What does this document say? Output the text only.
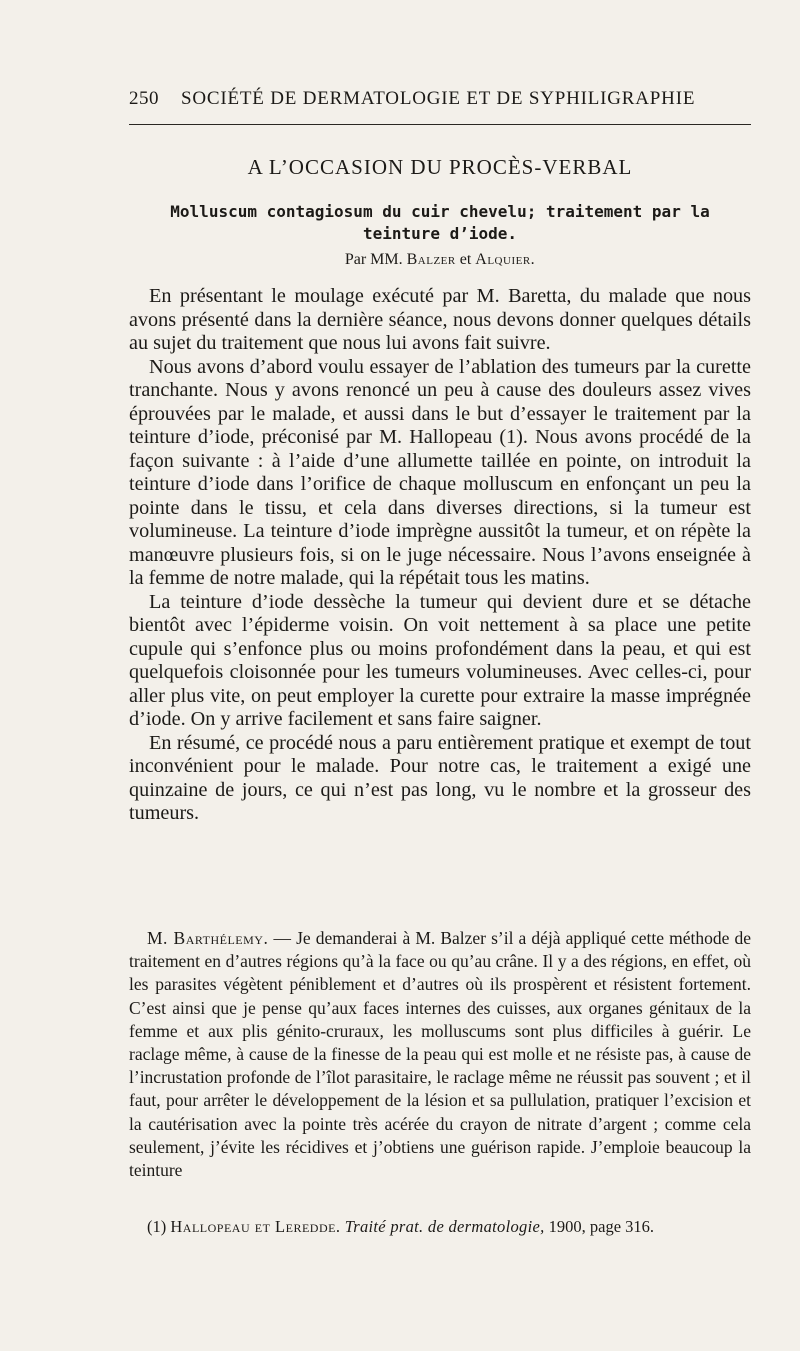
250 SOCIÉTÉ DE DERMATOLOGIE ET DE SYPHILIGRAPHIE
A L’OCCASION DU PROCÈS-VERBAL
Molluscum contagiosum du cuir chevelu; traitement par la teinture d’iode.
Par MM. Balzer et Alquier.

En présentant le moulage exécuté par M. Baretta, du malade que nous avons présenté dans la dernière séance, nous devons donner quelques détails au sujet du traitement que nous lui avons fait suivre.

Nous avons d’abord voulu essayer de l’ablation des tumeurs par la curette tranchante. Nous y avons renoncé un peu à cause des douleurs assez vives éprouvées par le malade, et aussi dans le but d’essayer le traitement par la teinture d’iode, préconisé par M. Hallopeau (1). Nous avons procédé de la façon suivante : à l’aide d’une allumette taillée en pointe, on introduit la teinture d’iode dans l’orifice de chaque molluscum en enfonçant un peu la pointe dans le tissu, et cela dans diverses directions, si la tumeur est volumineuse. La teinture d’iode imprègne aussitôt la tumeur, et on répète la manœuvre plusieurs fois, si on le juge nécessaire. Nous l’avons enseignée à la femme de notre malade, qui la répétait tous les matins.

La teinture d’iode dessèche la tumeur qui devient dure et se détache bientôt avec l’épiderme voisin. On voit nettement à sa place une petite cupule qui s’enfonce plus ou moins profondément dans la peau, et qui est quelquefois cloisonnée pour les tumeurs volumineuses. Avec celles-ci, pour aller plus vite, on peut employer la curette pour extraire la masse imprégnée d’iode. On y arrive facilement et sans faire saigner.

En résumé, ce procédé nous a paru entièrement pratique et exempt de tout inconvénient pour le malade. Pour notre cas, le traitement a exigé une quinzaine de jours, ce qui n’est pas long, vu le nombre et la grosseur des tumeurs.

M. Barthélemy. — Je demanderai à M. Balzer s’il a déjà appliqué cette méthode de traitement en d’autres régions qu’à la face ou qu’au crâne. Il y a des régions, en effet, où les parasites végètent péniblement et d’autres où ils prospèrent et résistent fortement. C’est ainsi que je pense qu’aux faces internes des cuisses, aux organes génitaux de la femme et aux plis génito-cruraux, les molluscums sont plus difficiles à guérir. Le raclage même, à cause de la finesse de la peau qui est molle et ne résiste pas, à cause de l’incrustation profonde de l’îlot parasitaire, le raclage même ne réussit pas souvent ; et il faut, pour arrêter le développement de la lésion et sa pullulation, pratiquer l’excision et la cautérisation avec la pointe très acérée du crayon de nitrate d’argent ; comme cela seulement, j’évite les récidives et j’obtiens une guérison rapide. J’emploie beaucoup la teinture

(1) Hallopeau et Leredde. Traité prat. de dermatologie, 1900, page 316.
